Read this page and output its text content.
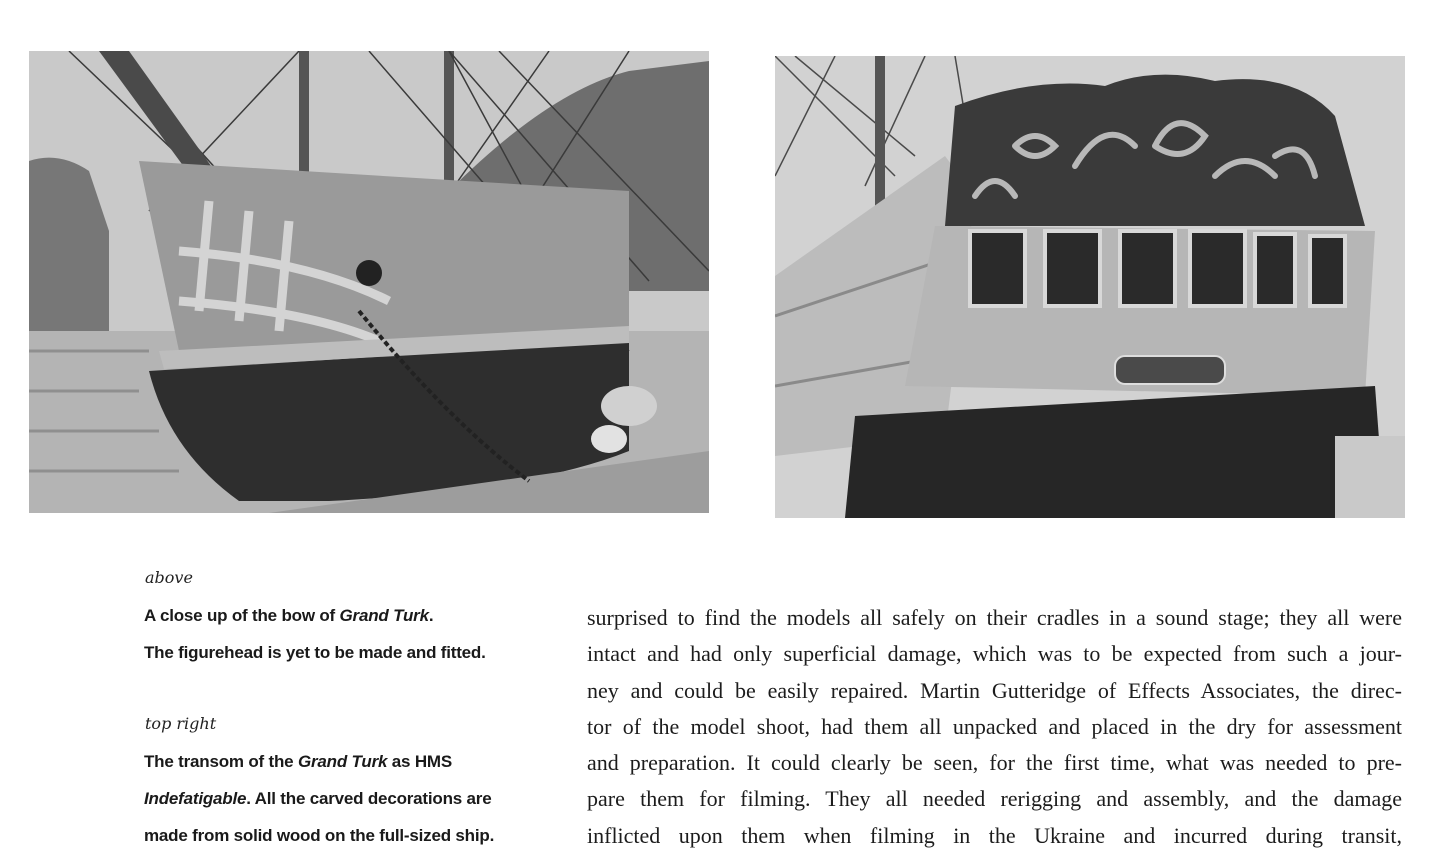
above
A close up of the bow of Grand Turk.
The figurehead is yet to be made and fitted.
top right
The transom of the Grand Turk as HMS
Indefatigable. All the carved decorations are
made from solid wood on the full-sized ship.
surprised to find the models all safely on their cradles in a sound stage; they all were
intact and had only superficial damage, which was to be expected from such a jour-
ney and could be easily repaired. Martin Gutteridge of Effects Associates, the direc-
tor of the model shoot, had them all unpacked and placed in the dry for assessment
and preparation. It could clearly be seen, for the first time, what was needed to pre-
pare them for filming. They all needed rerigging and assembly, and the damage
inflicted upon them when filming in the Ukraine and incurred during transit,
